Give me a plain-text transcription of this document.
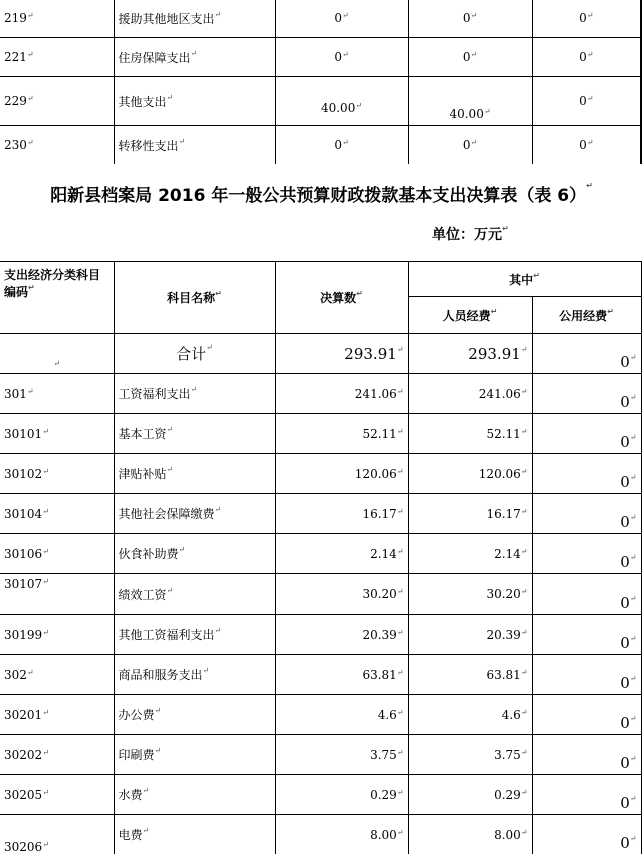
219 ↵	援助其他地区支出 ↵	0 ↵	0 ↵	0 ↵
221 ↵	住房保障支出 ↵	0 ↵	0 ↵	0 ↵
229 ↵	其他支出 ↵	40.00 ↵	40.00 ↵	0 ↵
230 ↵	转移性支出 ↵	0 ↵	0 ↵	0 ↵
阳新县档案局 2016 年一般公共预算财政拨款基本支出决算表（表 6） ↵
单位：万元 ↵
支出经济分类科目编码 ↵	科目名称 ↵	决算数 ↵	其中 ↵
			人员经费 ↵	公用经费 ↵
↵	合计 ↵	293.91 ↵	293.91 ↵	0 ↵
301 ↵	工资福利支出 ↵	241.06 ↵	241.06 ↵	0 ↵
30101 ↵	基本工资 ↵	52.11 ↵	52.11 ↵	0 ↵
30102 ↵	津贴补贴 ↵	120.06 ↵	120.06 ↵	0 ↵
30104 ↵	其他社会保障缴费 ↵	16.17 ↵	16.17 ↵	0 ↵
30106 ↵	伙食补助费 ↵	2.14 ↵	2.14 ↵	0 ↵
30107 ↵	绩效工资 ↵	30.20 ↵	30.20 ↵	0 ↵
30199 ↵	其他工资福利支出 ↵	20.39 ↵	20.39 ↵	0 ↵
302 ↵	商品和服务支出 ↵	63.81 ↵	63.81 ↵	0 ↵
30201 ↵	办公费 ↵	4.6 ↵	4.6 ↵	0 ↵
30202 ↵	印刷费 ↵	3.75 ↵	3.75 ↵	0 ↵
30205 ↵	水费 ↵	0.29 ↵	0.29 ↵	0 ↵
30206 ↵	电费 ↵	8.00 ↵	8.00 ↵	0 ↵
